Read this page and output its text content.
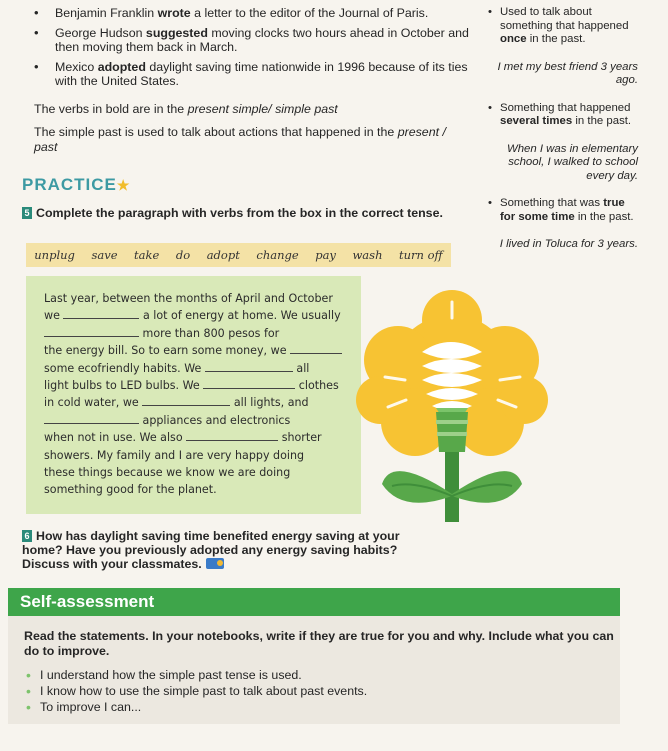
• Benjamin Franklin wrote a letter to the editor of the Journal of Paris.
• George Hudson suggested moving clocks two hours ahead in October and then moving them back in March.
• Mexico adopted daylight saving time nationwide in 1996 because of its ties with the United States.
The verbs in bold are in the present simple/ simple past
The simple past is used to talk about actions that happened in the present / past
PRACTICE★
5 Complete the paragraph with verbs from the box in the correct tense.
unplug save take do adopt change pay wash turn off
Last year, between the months of April and October
we	a lot of energy at home. We usually
more than 800 pesos for
the energy bill. So to earn some money, we
some ecofriendly habits. We	all
light bulbs to LED bulbs. We	clothes
in cold water, we	all lights, and
appliances and electronics
when not in use. We also	shorter
showers. My family and I are very happy doing
these things because we know we are doing
something good for the planet.
6 How has daylight saving time benefited energy saving at your home? Have you previously adopted any energy saving habits? Discuss with your classmates.
• Used to talk about something that happened once in the past.
I met my best friend 3 years ago.
• Something that happened several times in the past.
When I was in elementary school, I walked to school every day.
• Something that was true for some time in the past.
I lived in Toluca for 3 years.
Self-assessment
Read the statements. In your notebooks, write if they are true for you and why. Include what you can do to improve.
• I understand how the simple past tense is used.
• I know how to use the simple past to talk about past events.
• To improve I can...
